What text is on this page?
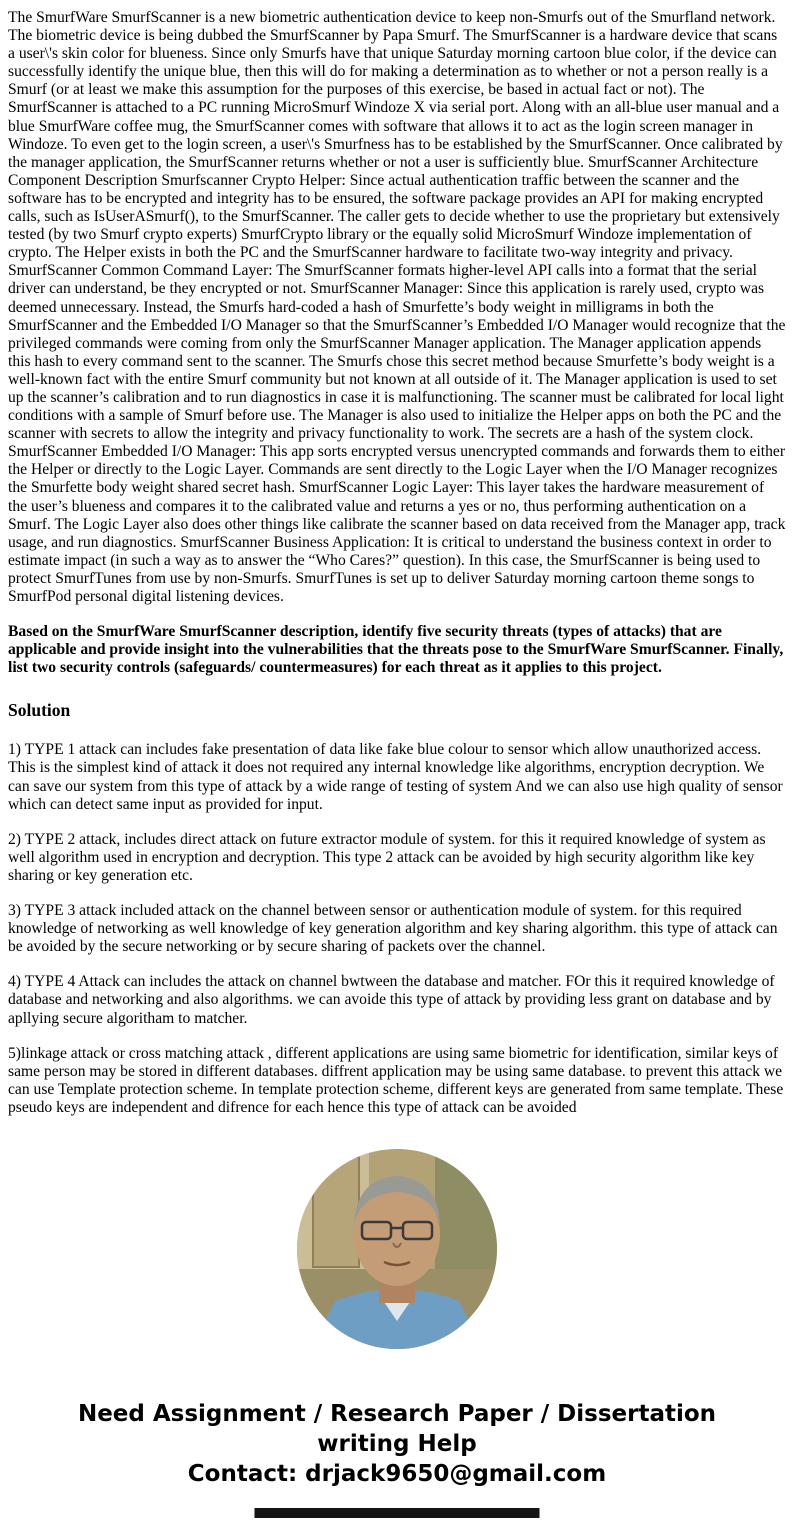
The SmurfWare SmurfScanner is a new biometric authentication device to keep non-Smurfs out of the Smurfland network. The biometric device is being dubbed the SmurfScanner by Papa Smurf. The SmurfScanner is a hardware device that scans a user\'s skin color for blueness. Since only Smurfs have that unique Saturday morning cartoon blue color, if the device can successfully identify the unique blue, then this will do for making a determination as to whether or not a person really is a Smurf (or at least we make this assumption for the purposes of this exercise, be based in actual fact or not). The SmurfScanner is attached to a PC running MicroSmurf Windoze X via serial port. Along with an all-blue user manual and a blue SmurfWare coffee mug, the SmurfScanner comes with software that allows it to act as the login screen manager in Windoze. To even get to the login screen, a user\'s Smurfness has to be established by the SmurfScanner. Once calibrated by the manager application, the SmurfScanner returns whether or not a user is sufficiently blue. SmurfScanner Architecture Component Description Smurfscanner Crypto Helper: Since actual authentication traffic between the scanner and the software has to be encrypted and integrity has to be ensured, the software package provides an API for making encrypted calls, such as IsUserASmurf(), to the SmurfScanner. The caller gets to decide whether to use the proprietary but extensively tested (by two Smurf crypto experts) SmurfCrypto library or the equally solid MicroSmurf Windoze implementation of crypto. The Helper exists in both the PC and the SmurfScanner hardware to facilitate two-way integrity and privacy. SmurfScanner Common Command Layer: The SmurfScanner formats higher-level API calls into a format that the serial driver can understand, be they encrypted or not. SmurfScanner Manager: Since this application is rarely used, crypto was deemed unnecessary. Instead, the Smurfs hard-coded a hash of Smurfette’s body weight in milligrams in both the SmurfScanner and the Embedded I/O Manager so that the SmurfScanner’s Embedded I/O Manager would recognize that the privileged commands were coming from only the SmurfScanner Manager application. The Manager application appends this hash to every command sent to the scanner. The Smurfs chose this secret method because Smurfette’s body weight is a well-known fact with the entire Smurf community but not known at all outside of it. The Manager application is used to set up the scanner’s calibration and to run diagnostics in case it is malfunctioning. The scanner must be calibrated for local light conditions with a sample of Smurf before use. The Manager is also used to initialize the Helper apps on both the PC and the scanner with secrets to allow the integrity and privacy functionality to work. The secrets are a hash of the system clock. SmurfScanner Embedded I/O Manager: This app sorts encrypted versus unencrypted commands and forwards them to either the Helper or directly to the Logic Layer. Commands are sent directly to the Logic Layer when the I/O Manager recognizes the Smurfette body weight shared secret hash. SmurfScanner Logic Layer: This layer takes the hardware measurement of the user’s blueness and compares it to the calibrated value and returns a yes or no, thus performing authentication on a Smurf. The Logic Layer also does other things like calibrate the scanner based on data received from the Manager app, track usage, and run diagnostics. SmurfScanner Business Application: It is critical to understand the business context in order to estimate impact (in such a way as to answer the “Who Cares?” question). In this case, the SmurfScanner is being used to protect SmurfTunes from use by non-Smurfs. SmurfTunes is set up to deliver Saturday morning cartoon theme songs to SmurfPod personal digital listening devices.

Based on the SmurfWare SmurfScanner description, identify five security threats (types of attacks) that are applicable and provide insight into the vulnerabilities that the threats pose to the SmurfWare SmurfScanner. Finally, list two security controls (safeguards/ countermeasures) for each threat as it applies to this project.

Solution

1) TYPE 1 attack can includes fake presentation of data like fake blue colour to sensor which allow unauthorized access. This is the simplest kind of attack it does not required any internal knowledge like algorithms, encryption decryption. We can save our system from this type of attack by a wide range of testing of system And we can also use high quality of sensor which can detect same input as provided for input.

2) TYPE 2 attack, includes direct attack on future extractor module of system. for this it required knowledge of system as well algorithm used in encryption and decryption. This type 2 attack can be avoided by high security algorithm like key sharing or key generation etc.

3) TYPE 3 attack included attack on the channel between sensor or authentication module of system. for this required knowledge of networking as well knowledge of key generation algorithm and key sharing algorithm. this type of attack can be avoided by the secure networking or by secure sharing of packets over the channel.

4) TYPE 4 Attack can includes the attack on channel bwtween the database and matcher. FOr this it required knowledge of database and networking and also algorithms. we can avoide this type of attack by providing less grant on database and by apllying secure algoritham to matcher.

5)linkage attack or cross matching attack , different applications are using same biometric for identification, similar keys of same person may be stored in different databases. diffrent application may be using same database. to prevent this attack we can use Template protection scheme. In template protection scheme, different keys are generated from same template. These pseudo keys are independent and difrence for each hence this type of attack can be avoided

Need Assignment / Research Paper / Dissertation writing Help
Contact: drjack9650@gmail.com
